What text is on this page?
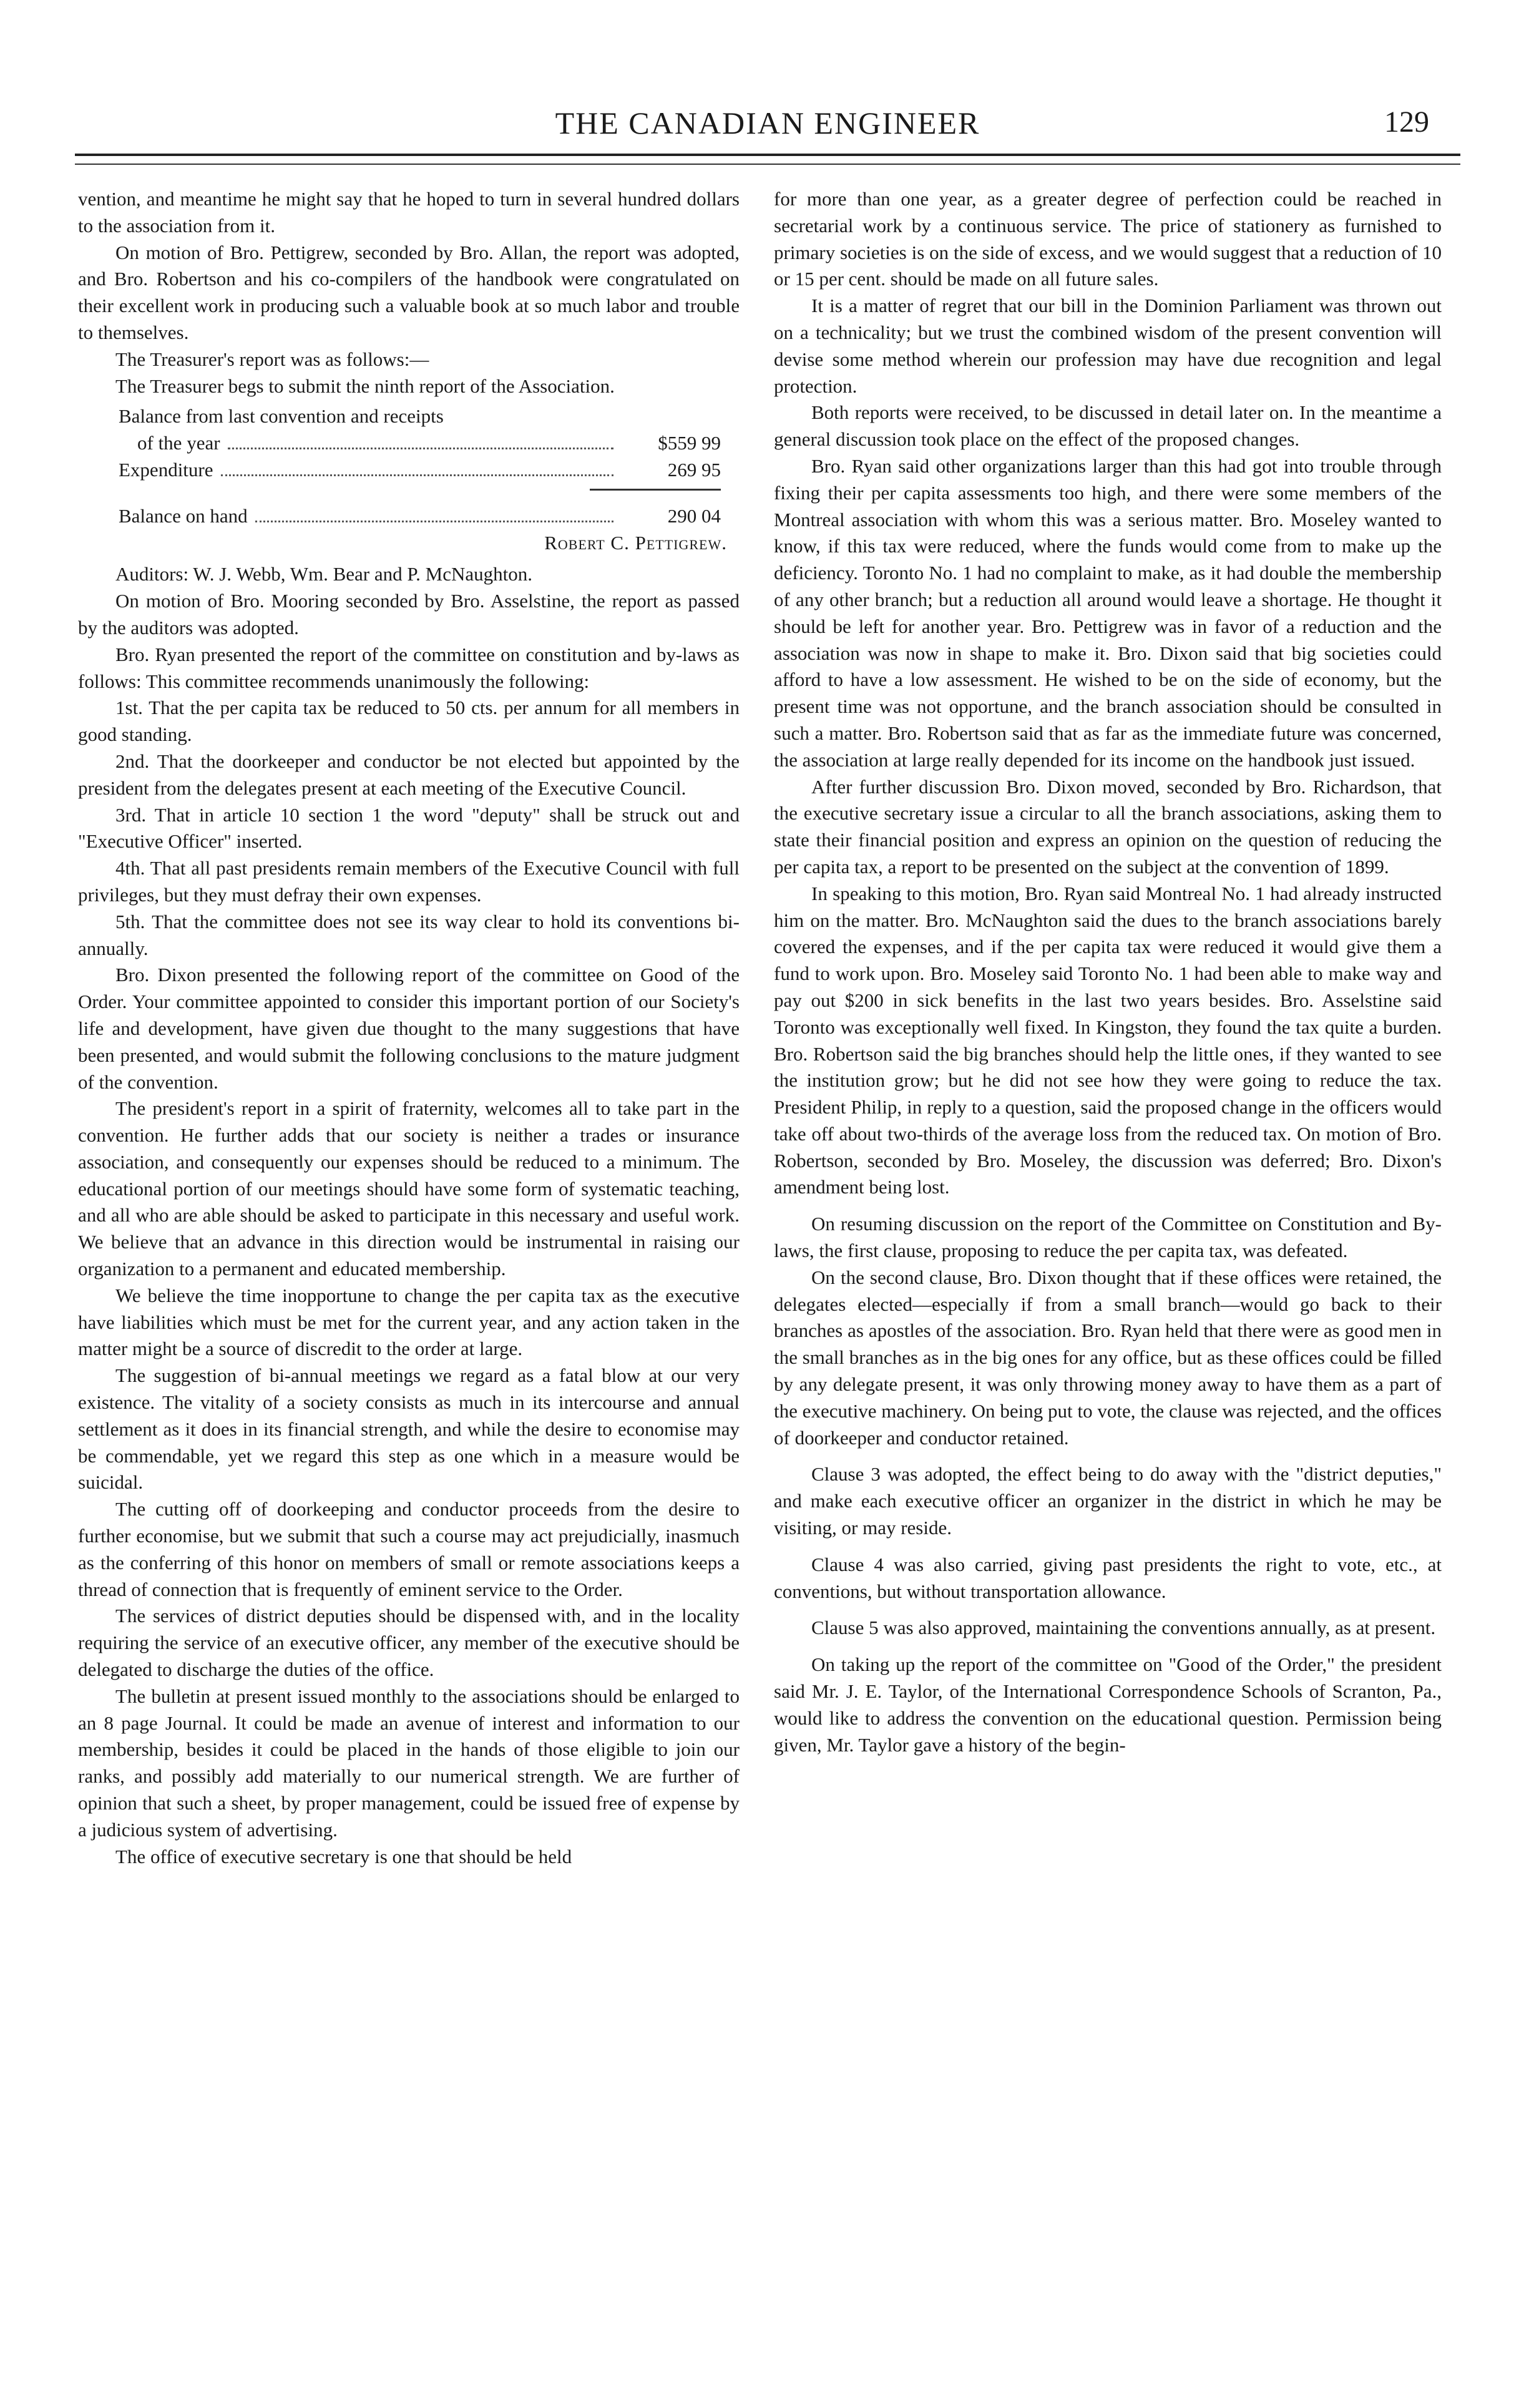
THE CANADIAN ENGINEER	129

vention, and meantime he might say that he hoped to turn in several hundred dollars to the association from it.

On motion of Bro. Pettigrew, seconded by Bro. Allan, the report was adopted, and Bro. Robertson and his co-compilers of the handbook were congratulated on their excellent work in producing such a valuable book at so much labor and trouble to themselves.

The Treasurer's report was as follows:—

The Treasurer begs to submit the ninth report of the Association.

Balance from last convention and receipts
of the year	$559 99
Expenditure	269 95
Balance on hand	290 04
Robert C. Pettigrew.

Auditors: W. J. Webb, Wm. Bear and P. McNaughton.

On motion of Bro. Mooring seconded by Bro. Asselstine, the report as passed by the auditors was adopted.

Bro. Ryan presented the report of the committee on constitution and by-laws as follows: This committee recommends unanimously the following:

1st. That the per capita tax be reduced to 50 cts. per annum for all members in good standing.

2nd. That the doorkeeper and conductor be not elected but appointed by the president from the delegates present at each meeting of the Executive Council.

3rd. That in article 10 section 1 the word "deputy" shall be struck out and "Executive Officer" inserted.

4th. That all past presidents remain members of the Executive Council with full privileges, but they must defray their own expenses.

5th. That the committee does not see its way clear to hold its conventions bi-annually.

Bro. Dixon presented the following report of the committee on Good of the Order. Your committee appointed to consider this important portion of our Society's life and development, have given due thought to the many suggestions that have been presented, and would submit the following conclusions to the mature judgment of the convention.

The president's report in a spirit of fraternity, welcomes all to take part in the convention. He further adds that our society is neither a trades or insurance association, and consequently our expenses should be reduced to a minimum. The educational portion of our meetings should have some form of systematic teaching, and all who are able should be asked to participate in this necessary and useful work. We believe that an advance in this direction would be instrumental in raising our organization to a permanent and educated membership.

We believe the time inopportune to change the per capita tax as the executive have liabilities which must be met for the current year, and any action taken in the matter might be a source of discredit to the order at large.

The suggestion of bi-annual meetings we regard as a fatal blow at our very existence. The vitality of a society consists as much in its intercourse and annual settlement as it does in its financial strength, and while the desire to economise may be commendable, yet we regard this step as one which in a measure would be suicidal.

The cutting off of doorkeeping and conductor proceeds from the desire to further economise, but we submit that such a course may act prejudicially, inasmuch as the conferring of this honor on members of small or remote associations keeps a thread of connection that is frequently of eminent service to the Order.

The services of district deputies should be dispensed with, and in the locality requiring the service of an executive officer, any member of the executive should be delegated to discharge the duties of the office.

The bulletin at present issued monthly to the associations should be enlarged to an 8 page Journal. It could be made an avenue of interest and information to our membership, besides it could be placed in the hands of those eligible to join our ranks, and possibly add materially to our numerical strength. We are further of opinion that such a sheet, by proper management, could be issued free of expense by a judicious system of advertising.

The office of executive secretary is one that should be held

for more than one year, as a greater degree of perfection could be reached in secretarial work by a continuous service. The price of stationery as furnished to primary societies is on the side of excess, and we would suggest that a reduction of 10 or 15 per cent. should be made on all future sales.

It is a matter of regret that our bill in the Dominion Parliament was thrown out on a technicality; but we trust the combined wisdom of the present convention will devise some method wherein our profession may have due recognition and legal protection.

Both reports were received, to be discussed in detail later on. In the meantime a general discussion took place on the effect of the proposed changes.

Bro. Ryan said other organizations larger than this had got into trouble through fixing their per capita assessments too high, and there were some members of the Montreal association with whom this was a serious matter. Bro. Moseley wanted to know, if this tax were reduced, where the funds would come from to make up the deficiency. Toronto No. 1 had no complaint to make, as it had double the membership of any other branch; but a reduction all around would leave a shortage. He thought it should be left for another year. Bro. Pettigrew was in favor of a reduction and the association was now in shape to make it. Bro. Dixon said that big societies could afford to have a low assessment. He wished to be on the side of economy, but the present time was not opportune, and the branch association should be consulted in such a matter. Bro. Robertson said that as far as the immediate future was concerned, the association at large really depended for its income on the handbook just issued.

After further discussion Bro. Dixon moved, seconded by Bro. Richardson, that the executive secretary issue a circular to all the branch associations, asking them to state their financial position and express an opinion on the question of reducing the per capita tax, a report to be presented on the subject at the convention of 1899.

In speaking to this motion, Bro. Ryan said Montreal No. 1 had already instructed him on the matter. Bro. McNaughton said the dues to the branch associations barely covered the expenses, and if the per capita tax were reduced it would give them a fund to work upon. Bro. Moseley said Toronto No. 1 had been able to make way and pay out $200 in sick benefits in the last two years besides. Bro. Asselstine said Toronto was exceptionally well fixed. In Kingston, they found the tax quite a burden. Bro. Robertson said the big branches should help the little ones, if they wanted to see the institution grow; but he did not see how they were going to reduce the tax. President Philip, in reply to a question, said the proposed change in the officers would take off about two-thirds of the average loss from the reduced tax. On motion of Bro. Robertson, seconded by Bro. Moseley, the discussion was deferred; Bro. Dixon's amendment being lost.

On resuming discussion on the report of the Committee on Constitution and By-laws, the first clause, proposing to reduce the per capita tax, was defeated.

On the second clause, Bro. Dixon thought that if these offices were retained, the delegates elected—especially if from a small branch—would go back to their branches as apostles of the association. Bro. Ryan held that there were as good men in the small branches as in the big ones for any office, but as these offices could be filled by any delegate present, it was only throwing money away to have them as a part of the executive machinery. On being put to vote, the clause was rejected, and the offices of doorkeeper and conductor retained.

Clause 3 was adopted, the effect being to do away with the "district deputies," and make each executive officer an organizer in the district in which he may be visiting, or may reside.

Clause 4 was also carried, giving past presidents the right to vote, etc., at conventions, but without transportation allowance.

Clause 5 was also approved, maintaining the conventions annually, as at present.

On taking up the report of the committee on "Good of the Order," the president said Mr. J. E. Taylor, of the International Correspondence Schools of Scranton, Pa., would like to address the convention on the educational question. Permission being given, Mr. Taylor gave a history of the begin-
